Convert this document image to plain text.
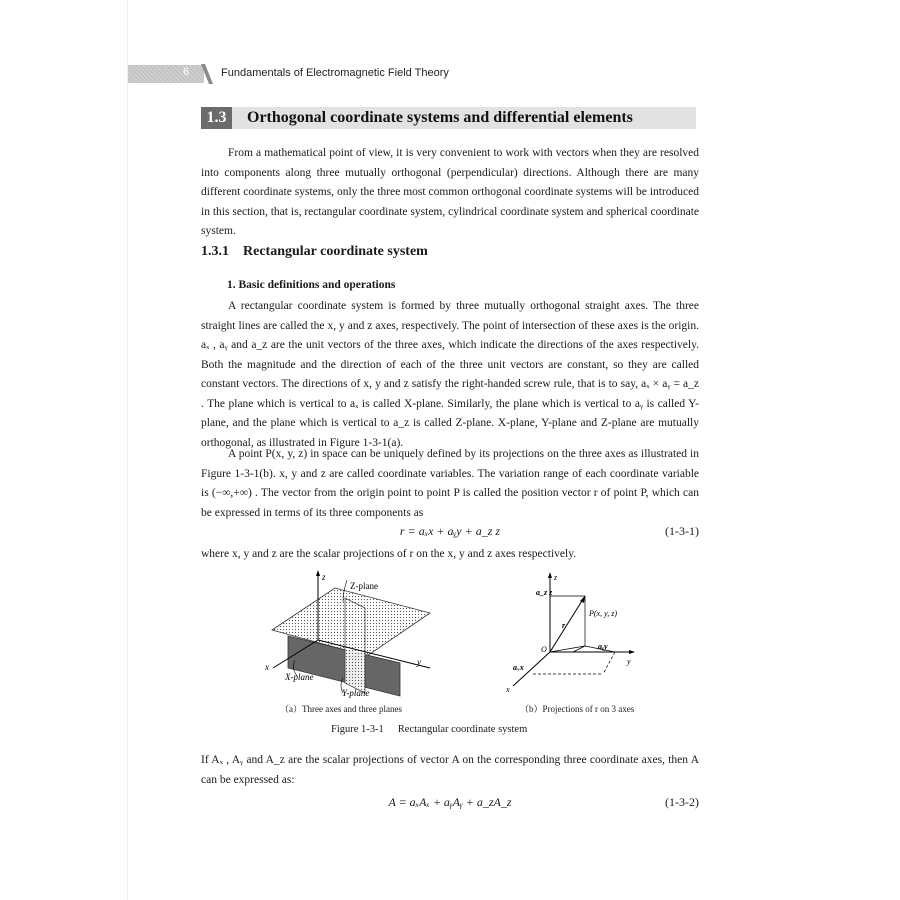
6	Fundamentals of Electromagnetic Field Theory
1.3	Orthogonal coordinate systems and differential elements

From a mathematical point of view, it is very convenient to work with vectors when they are resolved into components along three mutually orthogonal (perpendicular) directions. Although there are many different coordinate systems, only the three most common orthogonal coordinate systems will be introduced in this section, that is, rectangular coordinate system, cylindrical coordinate system and spherical coordinate system.

1.3.1 Rectangular coordinate system
1. Basic definitions and operations

A rectangular coordinate system is formed by three mutually orthogonal straight axes. The three straight lines are called the x, y and z axes, respectively. The point of intersection of these axes is the origin. aₓ , aᵧ and a_z are the unit vectors of the three axes, which indicate the directions of the axes respectively. Both the magnitude and the direction of each of the three unit vectors are constant, so they are called constant vectors. The directions of x, y and z satisfy the right-handed screw rule, that is to say, aₓ × aᵧ = a_z . The plane which is vertical to aₓ is called X-plane. Similarly, the plane which is vertical to aᵧ is called Y-plane, and the plane which is vertical to a_z is called Z-plane. X-plane, Y-plane and Z-plane are mutually orthogonal, as illustrated in Figure 1-3-1(a).

A point P(x, y, z) in space can be uniquely defined by its projections on the three axes as illustrated in Figure 1-3-1(b). x, y and z are called coordinate variables. The variation range of each coordinate variable is (−∞,+∞) . The vector from the origin point to point P is called the position vector r of point P, which can be expressed in terms of its three components as

r = aₓx + aᵧy + a_z z	(1-3-1)

where x, y and z are the scalar projections of r on the x, y and z axes respectively.

z
x	y
Z-plane
X-plane
Y-plane
（a）Three axes and three planes
z
a_z z
P(x, y, z)
r
O	aᵧy
y
aₓx
x
（b）Projections of r on 3 axes
Figure 1-3-1 Rectangular coordinate system

If Aₓ , Aᵧ and A_z are the scalar projections of vector A on the corresponding three coordinate axes, then A can be expressed as:

A = aₓAₓ + aᵧAᵧ + a_zA_z	(1-3-2)
